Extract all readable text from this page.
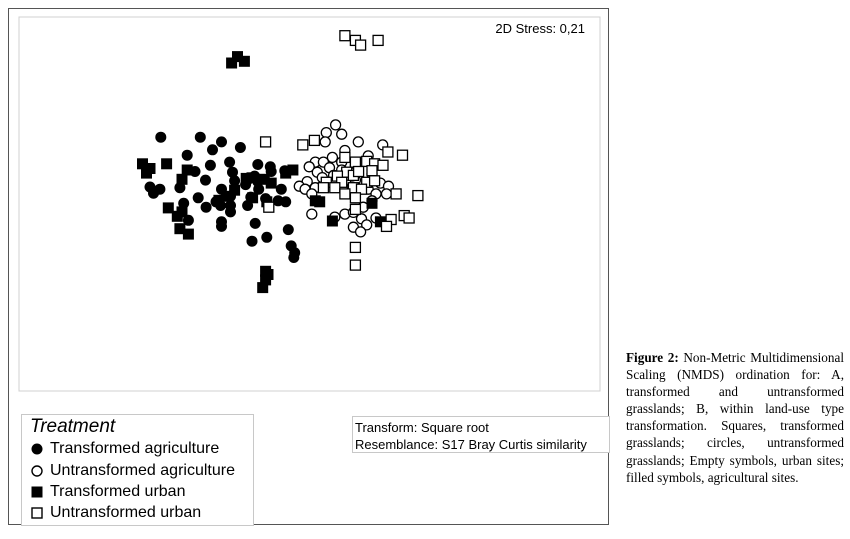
2D Stress: 0,21
Treatment
Transformed agriculture
Untransformed agriculture
Transformed urban
Untransformed urban
Transform: Square root
Resemblance: S17 Bray Curtis similarity
Figure 2: Non-Metric Multidimensional Scaling (NMDS) ordination for: A, transformed and untransformed grasslands; B, within land-use type transformation. Squares, transformed grasslands; circles, untransformed grasslands; Empty symbols, urban sites; filled symbols, agricultural sites.
